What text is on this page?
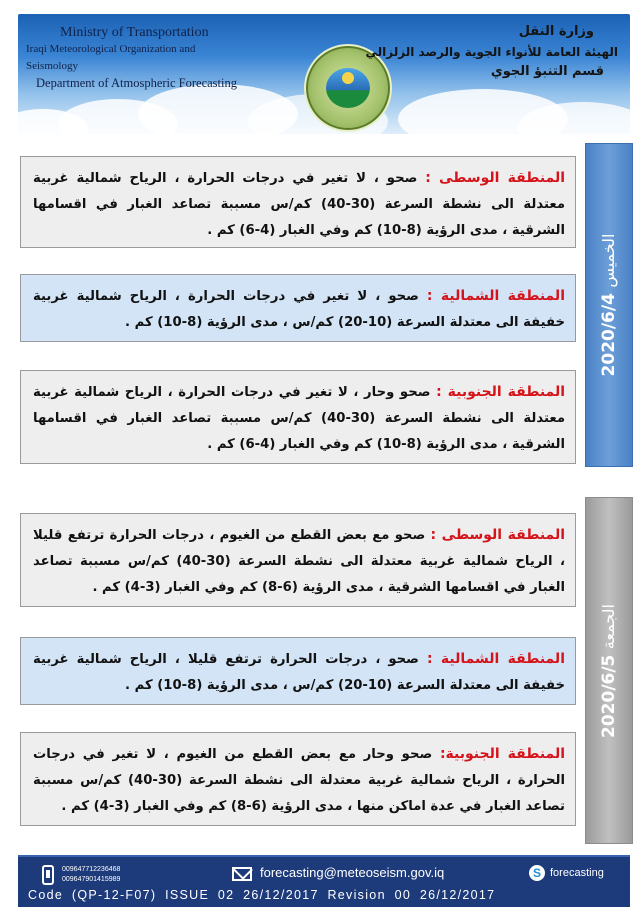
Ministry of Transportation
Iraqi Meteorological Organization and Seismology
Department of Atmospheric Forecasting
وزارة النقل
الهيئة العامة للأنواء الجوية والرصد الزلزالي
قسم التنبؤ الجوي
الخميس 2020/6/4
المنطقة الوسطى : صحو ، لا تغير في درجات الحرارة ، الرياح شمالية غربية معتدلة الى نشطة السرعة (30-40) كم/س مسببة تصاعد الغبار في اقسامها الشرقية ، مدى الرؤية (8-10) كم وفي الغبار (4-6) كم .
المنطقة الشمالية : صحو ، لا تغير في درجات الحرارة ، الرياح شمالية غربية خفيفة الى معتدلة السرعة (10-20) كم/س ، مدى الرؤية (8-10) كم .
المنطقة الجنوبية : صحو وحار ، لا تغير في درجات الحرارة ، الرياح شمالية غربية معتدلة الى نشطة السرعة (30-40) كم/س مسببة تصاعد الغبار في اقسامها الشرقية ، مدى الرؤية (8-10) كم وفي الغبار (4-6) كم .
الجمعة 2020/6/5
المنطقة الوسطى : صحو مع بعض القطع من الغيوم ، درجات الحرارة ترتفع قليلا ، الرياح شمالية غربية معتدلة الى نشطة السرعة (30-40) كم/س مسببة تصاعد الغبار في اقسامها الشرقية ، مدى الرؤية (6-8) كم وفي الغبار (3-4) كم .
المنطقة الشمالية : صحو ، درجات الحرارة ترتفع قليلا ، الرياح شمالية غربية خفيفة الى معتدلة السرعة (10-20) كم/س ، مدى الرؤية (8-10) كم .
المنطقة الجنوبية: صحو وحار مع بعض القطع من الغيوم ، لا تغير في درجات الحرارة ، الرياح شمالية غربية معتدلة الى نشطة السرعة (30-40) كم/س مسببة تصاعد الغبار في عدة اماكن منها ، مدى الرؤية (6-8) كم وفي الغبار (3-4) كم .
009647712236468
009647901415989	forecasting@meteoseism.gov.iq	S forecasting
Code (QP-12-F07) ISSUE 02 26/12/2017 Revision 00 26/12/2017
